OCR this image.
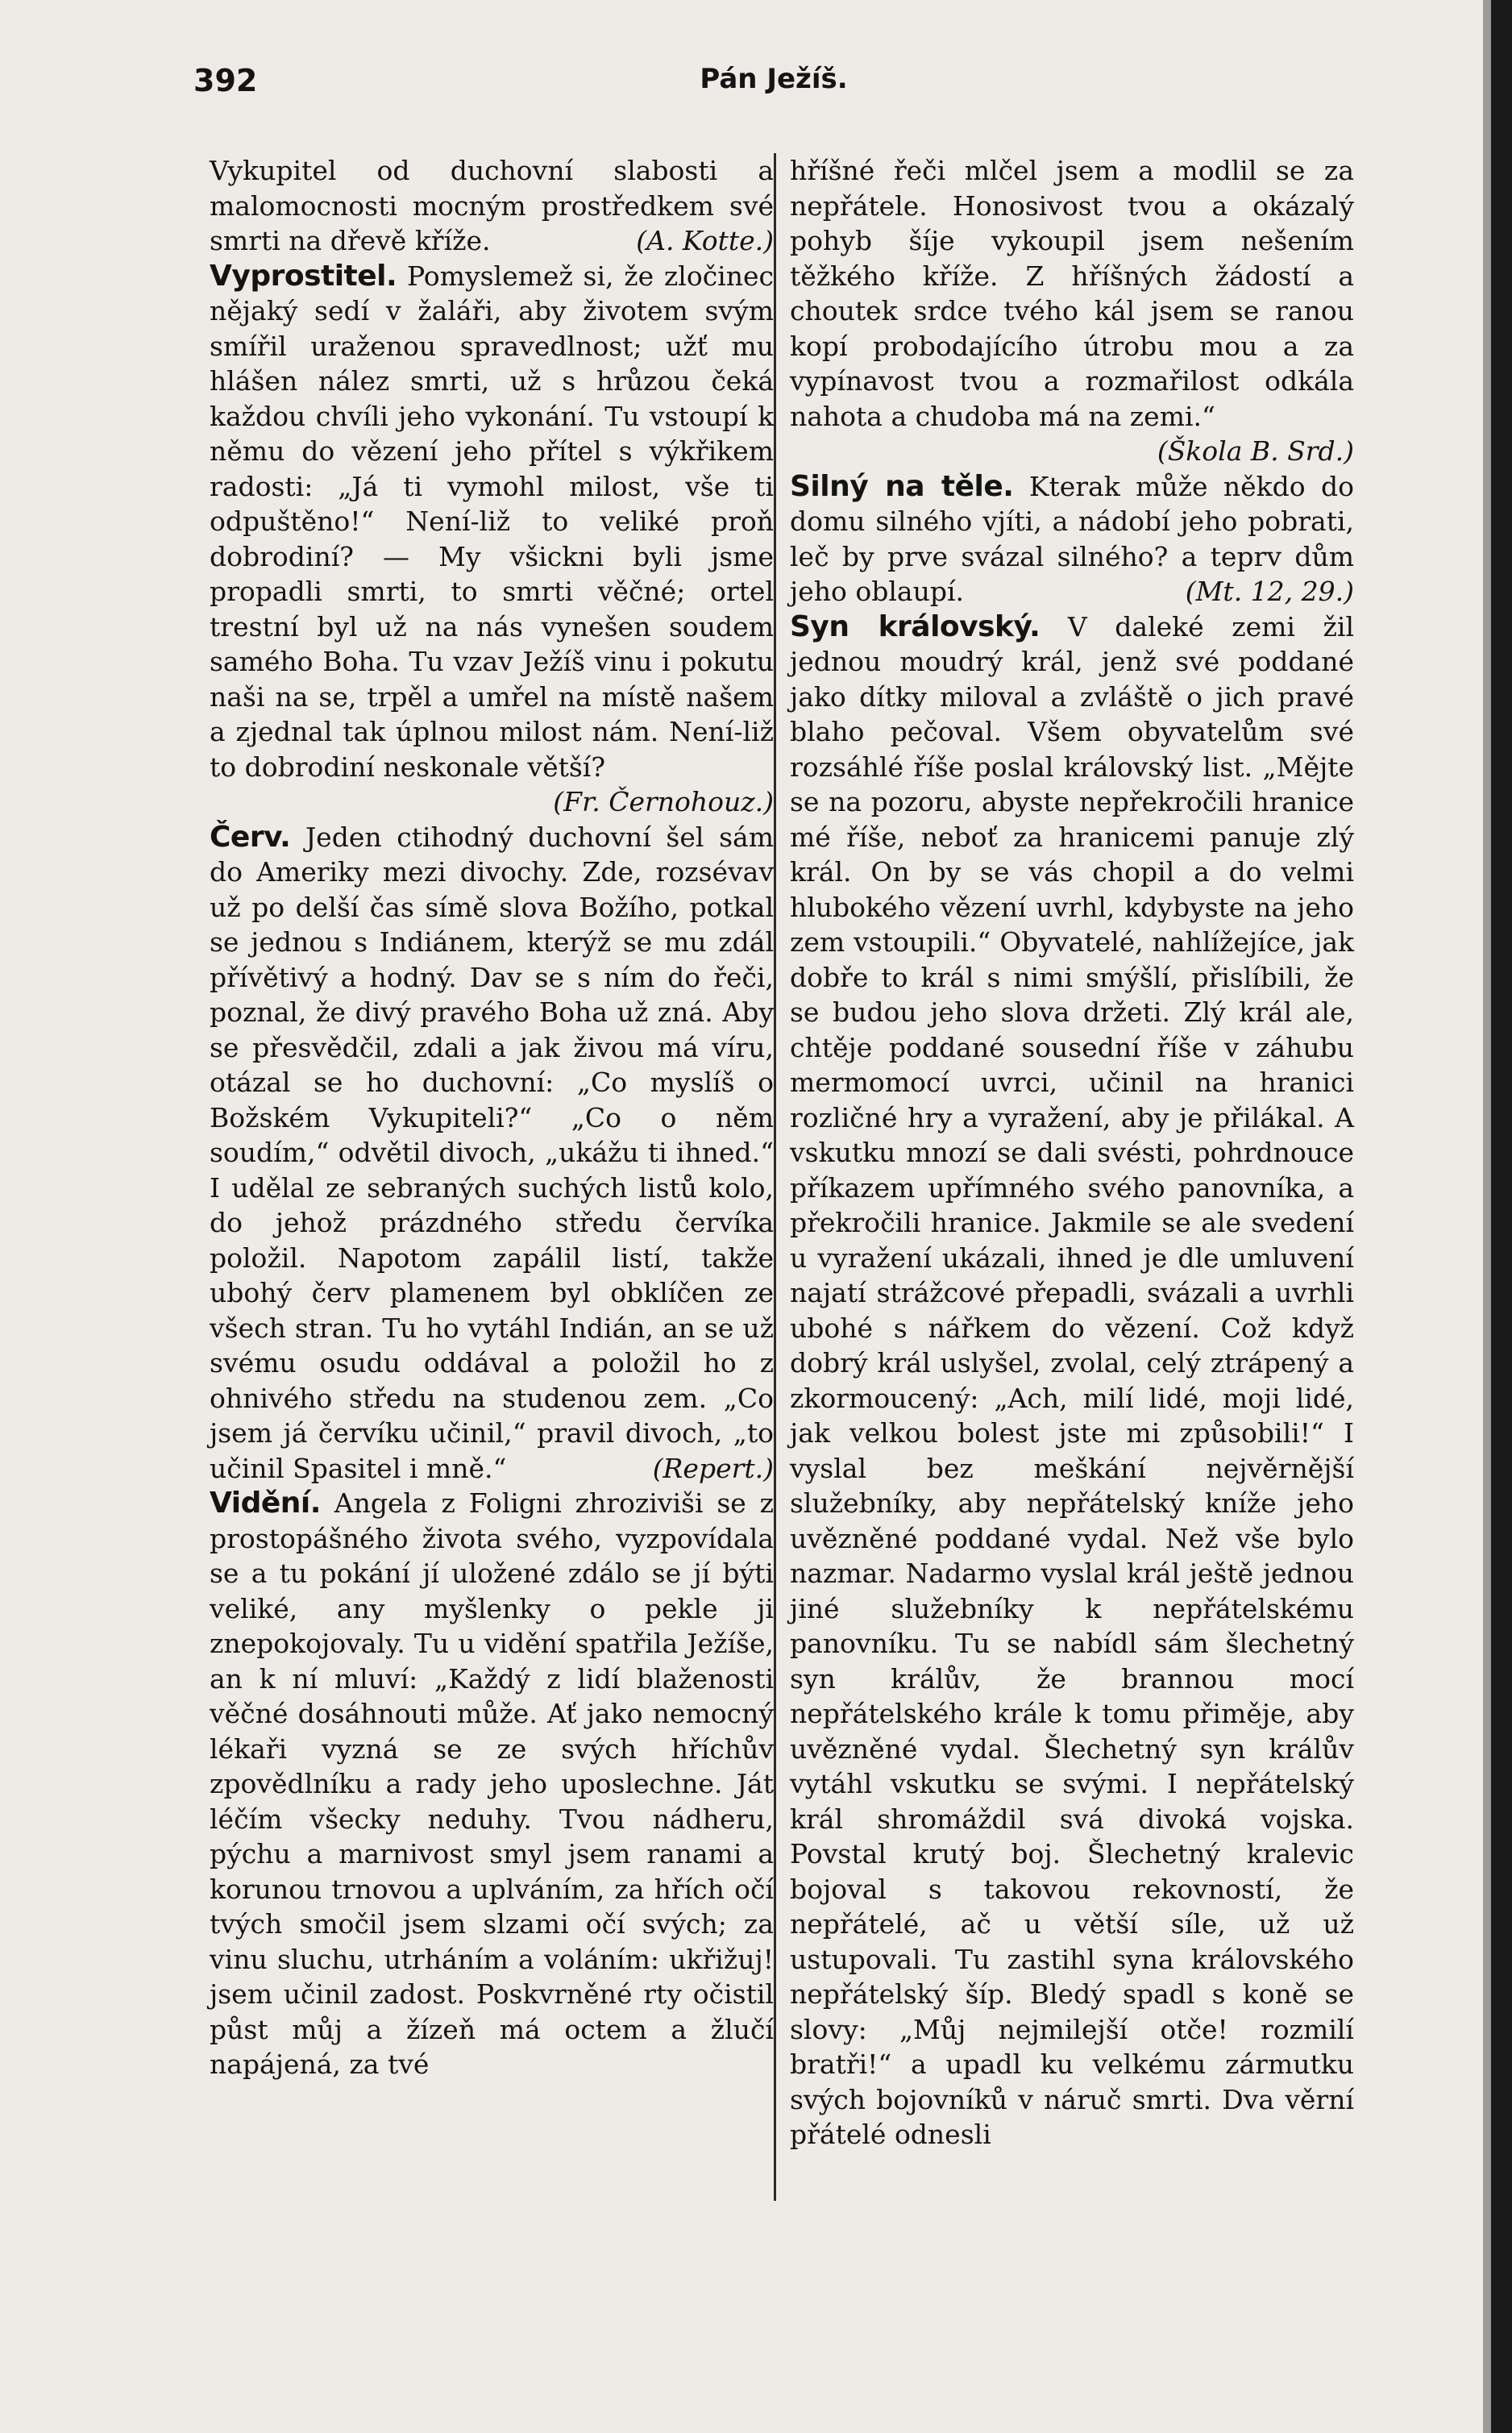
392	Pán Ježíš.

Vykupitel od duchovní slabosti a malomocnosti mocným prostředkem své smrti na dřevě kříže.	(A. Kotte.)

Vyprostitel. Pomyslemež si, že zločinec nějaký sedí v žaláři, aby životem svým smířil uraženou spravedlnost; užť mu hlášen nález smrti, už s hrůzou čeká každou chvíli jeho vykonání. Tu vstoupí k němu do vězení jeho přítel s výkřikem radosti: „Já ti vymohl milost, vše ti odpuštěno!“ Není-liž to veliké proň dobrodiní? — My všickni byli jsme propadli smrti, to smrti věčné; ortel trestní byl už na nás vynešen soudem samého Boha. Tu vzav Ježíš vinu i pokutu naši na se, trpěl a umřel na místě našem a zjednal tak úplnou milost nám. Není-liž to dobrodiní neskonale větší?
(Fr. Černohouz.)

Červ. Jeden ctihodný duchovní šel sám do Ameriky mezi divochy. Zde, rozsévav už po delší čas símě slova Božího, potkal se jednou s Indiánem, kterýž se mu zdál přívětivý a hodný. Dav se s ním do řeči, poznal, že divý pravého Boha už zná. Aby se přesvědčil, zdali a jak živou má víru, otázal se ho duchovní: „Co myslíš o Božském Vykupiteli?“ „Co o něm soudím,“ odvětil divoch, „ukážu ti ihned.“ I udělal ze sebraných suchých listů kolo, do jehož prázdného středu červíka položil. Napotom zapálil listí, takže ubohý červ plamenem byl obklíčen ze všech stran. Tu ho vytáhl Indián, an se už svému osudu oddával a položil ho z ohnivého středu na studenou zem. „Co jsem já červíku učinil,“ pravil divoch, „to učinil Spasitel i mně.“	(Repert.)

Vidění. Angela z Foligni zhroziviši se z prostopášného života svého, vyzpovídala se a tu pokání jí uložené zdálo se jí býti veliké, any myšlenky o pekle ji znepokojovaly. Tu u vidění spatřila Ježíše, an k ní mluví: „Každý z lidí blaženosti věčné dosáhnouti může. Ať jako nemocný lékaři vyzná se ze svých hříchův zpovědlníku a rady jeho uposlechne. Ját léčím všecky neduhy. Tvou nádheru, pýchu a marnivost smyl jsem ranami a korunou trnovou a uplváním, za hřích očí tvých smočil jsem slzami očí svých; za vinu sluchu, utrháním a voláním: ukřižuj! jsem učinil zadost. Poskvrněné rty očistil půst můj a žízeň má octem a žlučí napájená, za tvé

hříšné řeči mlčel jsem a modlil se za nepřátele. Honosivost tvou a okázalý pohyb šíje vykoupil jsem nešením těžkého kříže. Z hříšných žádostí a choutek srdce tvého kál jsem se ranou kopí probodajícího útrobu mou a za vypínavost tvou a rozmařilost odkála nahota a chudoba má na zemi.“
(Škola B. Srd.)

Silný na těle. Kterak může někdo do domu silného vjíti, a nádobí jeho pobrati, leč by prve svázal silného? a teprv dům jeho oblaupí.	(Mt. 12, 29.)

Syn královský. V daleké zemi žil jednou moudrý král, jenž své poddané jako dítky miloval a zvláště o jich pravé blaho pečoval. Všem obyvatelům své rozsáhlé říše poslal královský list. „Mějte se na pozoru, abyste nepřekročili hranice mé říše, neboť za hranicemi panuje zlý král. On by se vás chopil a do velmi hlubokého vězení uvrhl, kdybyste na jeho zem vstoupili.“ Obyvatelé, nahlížejíce, jak dobře to král s nimi smýšlí, přislíbili, že se budou jeho slova držeti. Zlý král ale, chtěje poddané sousední říše v záhubu mermomocí uvrci, učinil na hranici rozličné hry a vyražení, aby je přilákal. A vskutku mnozí se dali svésti, pohrdnouce příkazem upřímného svého panovníka, a překročili hranice. Jakmile se ale svedení u vyražení ukázali, ihned je dle umluvení najatí strážcové přepadli, svázali a uvrhli ubohé s nářkem do vězení. Což když dobrý král uslyšel, zvolal, celý ztrápený a zkormoucený: „Ach, milí lidé, moji lidé, jak velkou bolest jste mi způsobili!“ I vyslal bez meškání nejvěrnější služebníky, aby nepřátelský kníže jeho uvězněné poddané vydal. Než vše bylo nazmar. Nadarmo vyslal král ještě jednou jiné služebníky k nepřátelskému panovníku. Tu se nabídl sám šlechetný syn králův, že brannou mocí nepřátelského krále k tomu přiměje, aby uvězněné vydal. Šlechetný syn králův vytáhl vskutku se svými. I nepřátelský král shromáždil svá divoká vojska. Povstal krutý boj. Šlechetný kralevic bojoval s takovou rekovností, že nepřátelé, ač u větší síle, už už ustupovali. Tu zastihl syna královského nepřátelský šíp. Bledý spadl s koně se slovy: „Můj nejmilejší otče! rozmilí bratři!“ a upadl ku velkému zármutku svých bojovníků v náruč smrti. Dva věrní přátelé odnesli
